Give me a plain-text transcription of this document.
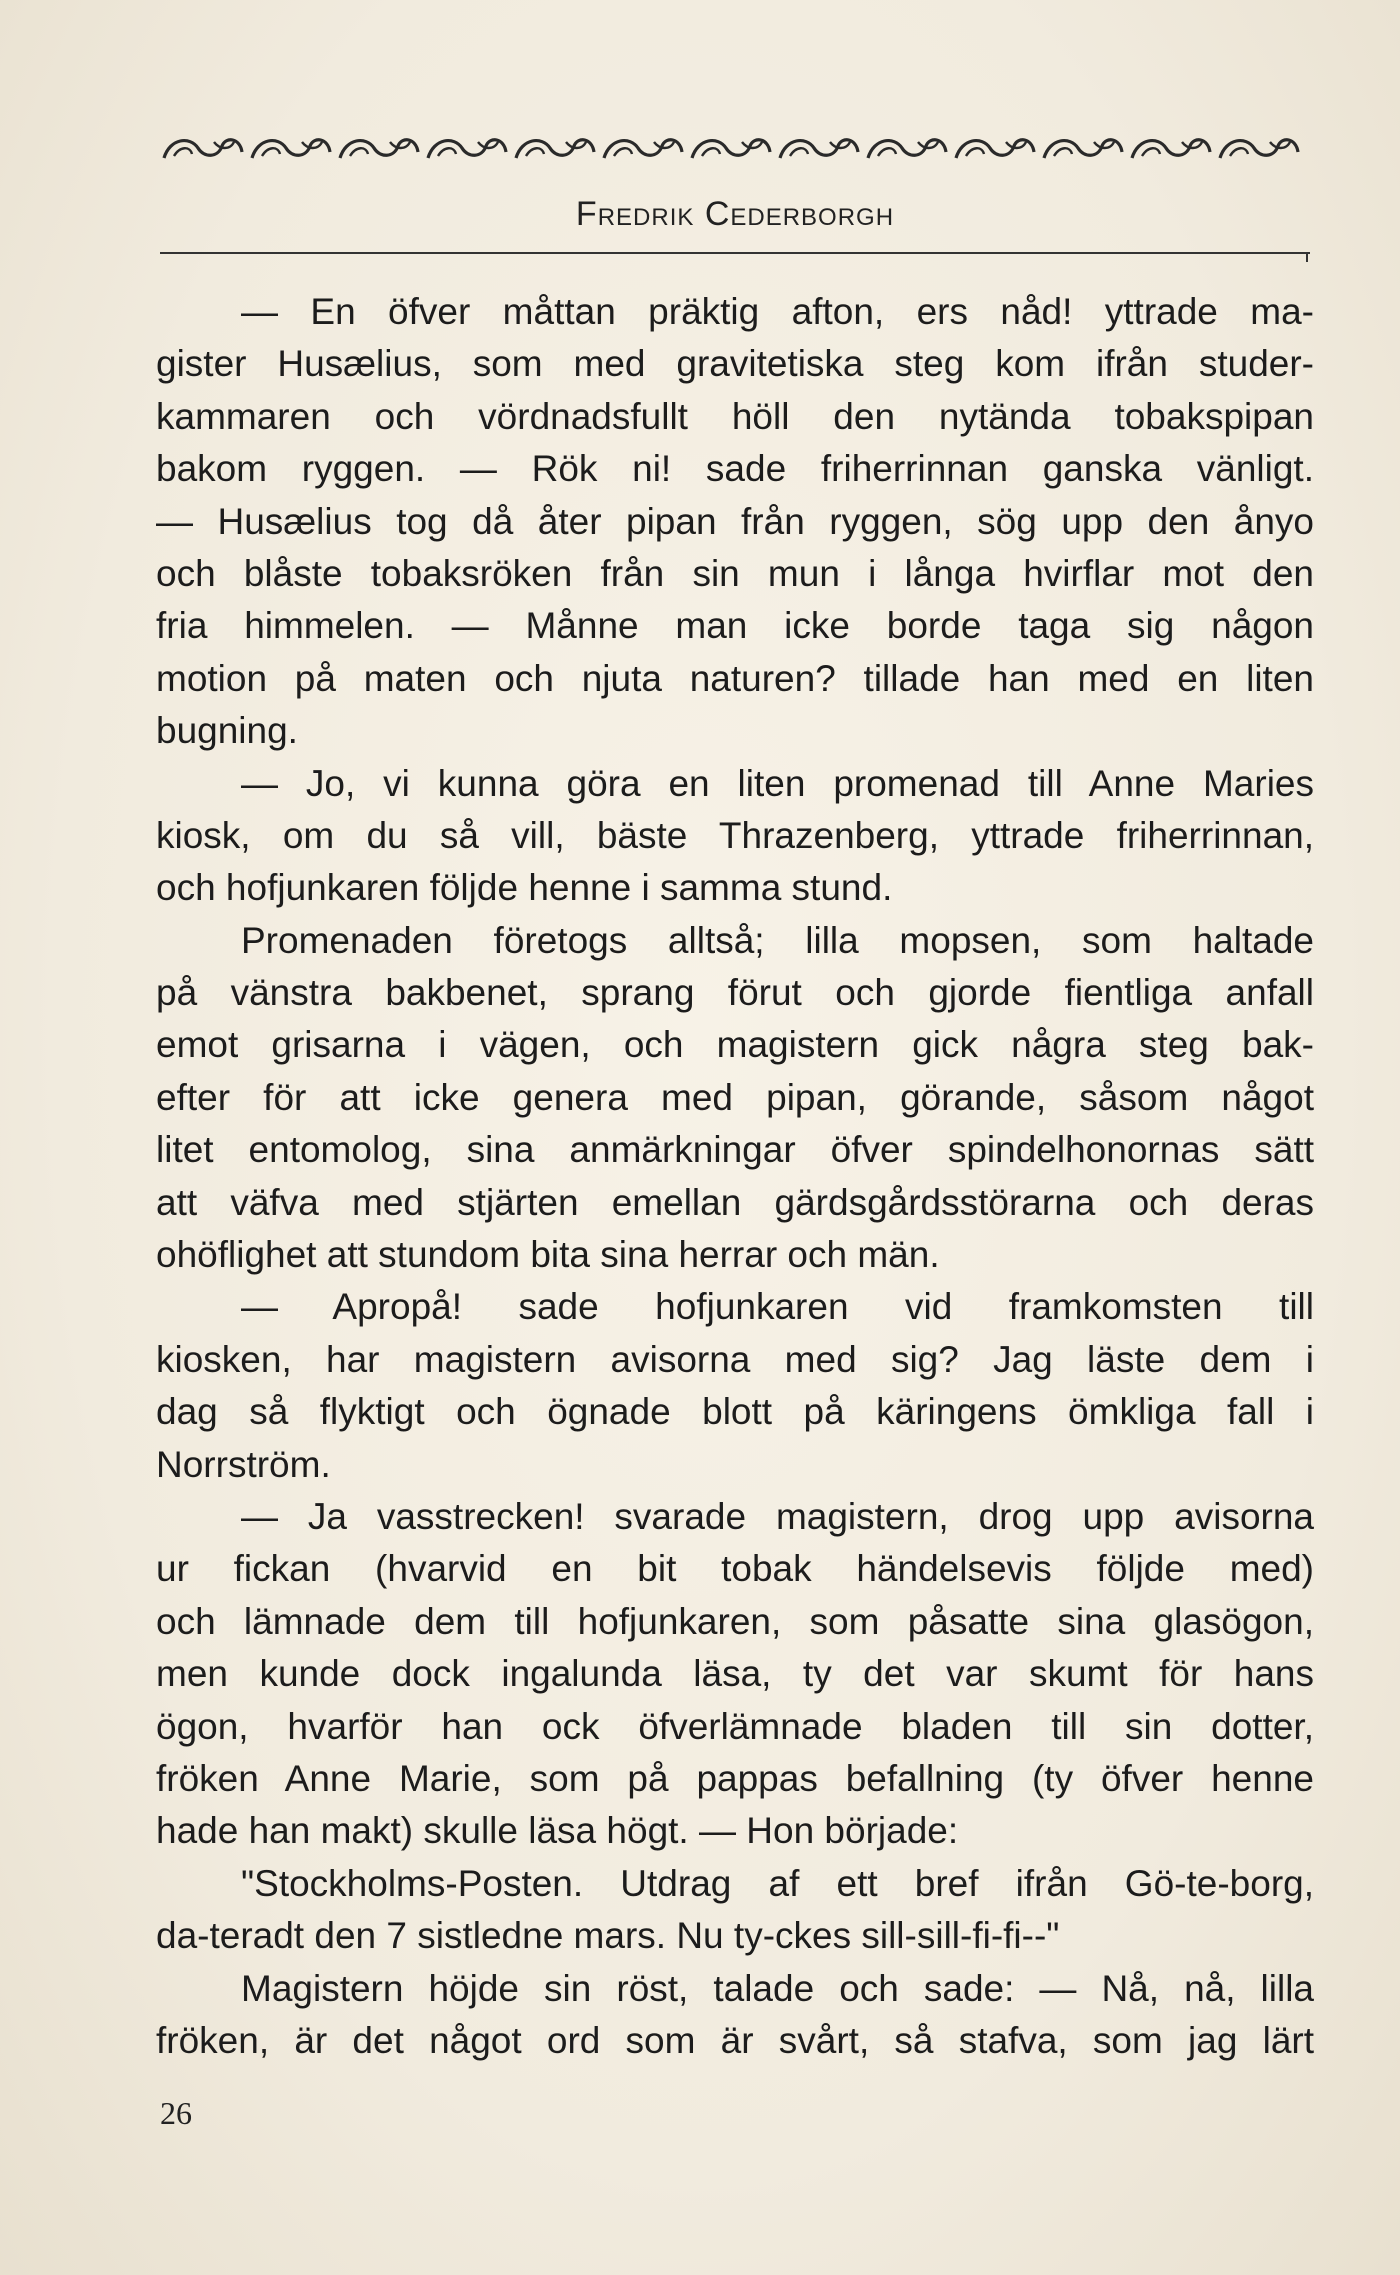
Fredrik Cederborgh
— En öfver måttan präktig afton, ers nåd! yttrade ma-
gister Husælius, som med gravitetiska steg kom ifrån studer-
kammaren och vördnadsfullt höll den nytända tobakspipan
bakom ryggen. — Rök ni! sade friherrinnan ganska vänligt.
— Husælius tog då åter pipan från ryggen, sög upp den ånyo
och blåste tobaksröken från sin mun i långa hvirflar mot den
fria himmelen. — Månne man icke borde taga sig någon
motion på maten och njuta naturen? tillade han med en liten
bugning.
— Jo, vi kunna göra en liten promenad till Anne Maries
kiosk, om du så vill, bäste Thrazenberg, yttrade friherrinnan,
och hofjunkaren följde henne i samma stund.
Promenaden företogs alltså; lilla mopsen, som haltade
på vänstra bakbenet, sprang förut och gjorde fientliga anfall
emot grisarna i vägen, och magistern gick några steg bak-
efter för att icke genera med pipan, görande, såsom något
litet entomolog, sina anmärkningar öfver spindelhonornas sätt
att väfva med stjärten emellan gärdsgårdsstörarna och deras
ohöflighet att stundom bita sina herrar och män.
— Apropå! sade hofjunkaren vid framkomsten till
kiosken, har magistern avisorna med sig? Jag läste dem i
dag så flyktigt och ögnade blott på käringens ömkliga fall i
Norrström.
— Ja vasstrecken! svarade magistern, drog upp avisorna
ur fickan (hvarvid en bit tobak händelsevis följde med)
och lämnade dem till hofjunkaren, som påsatte sina glasögon,
men kunde dock ingalunda läsa, ty det var skumt för hans
ögon, hvarför han ock öfverlämnade bladen till sin dotter,
fröken Anne Marie, som på pappas befallning (ty öfver henne
hade han makt) skulle läsa högt. — Hon började:
"Stockholms-Posten. Utdrag af ett bref ifrån Gö-te-borg,
da-teradt den 7 sistledne mars. Nu ty-ckes sill-sill-fi-fi--"
Magistern höjde sin röst, talade och sade: — Nå, nå, lilla
fröken, är det något ord som är svårt, så stafva, som jag lärt
26
